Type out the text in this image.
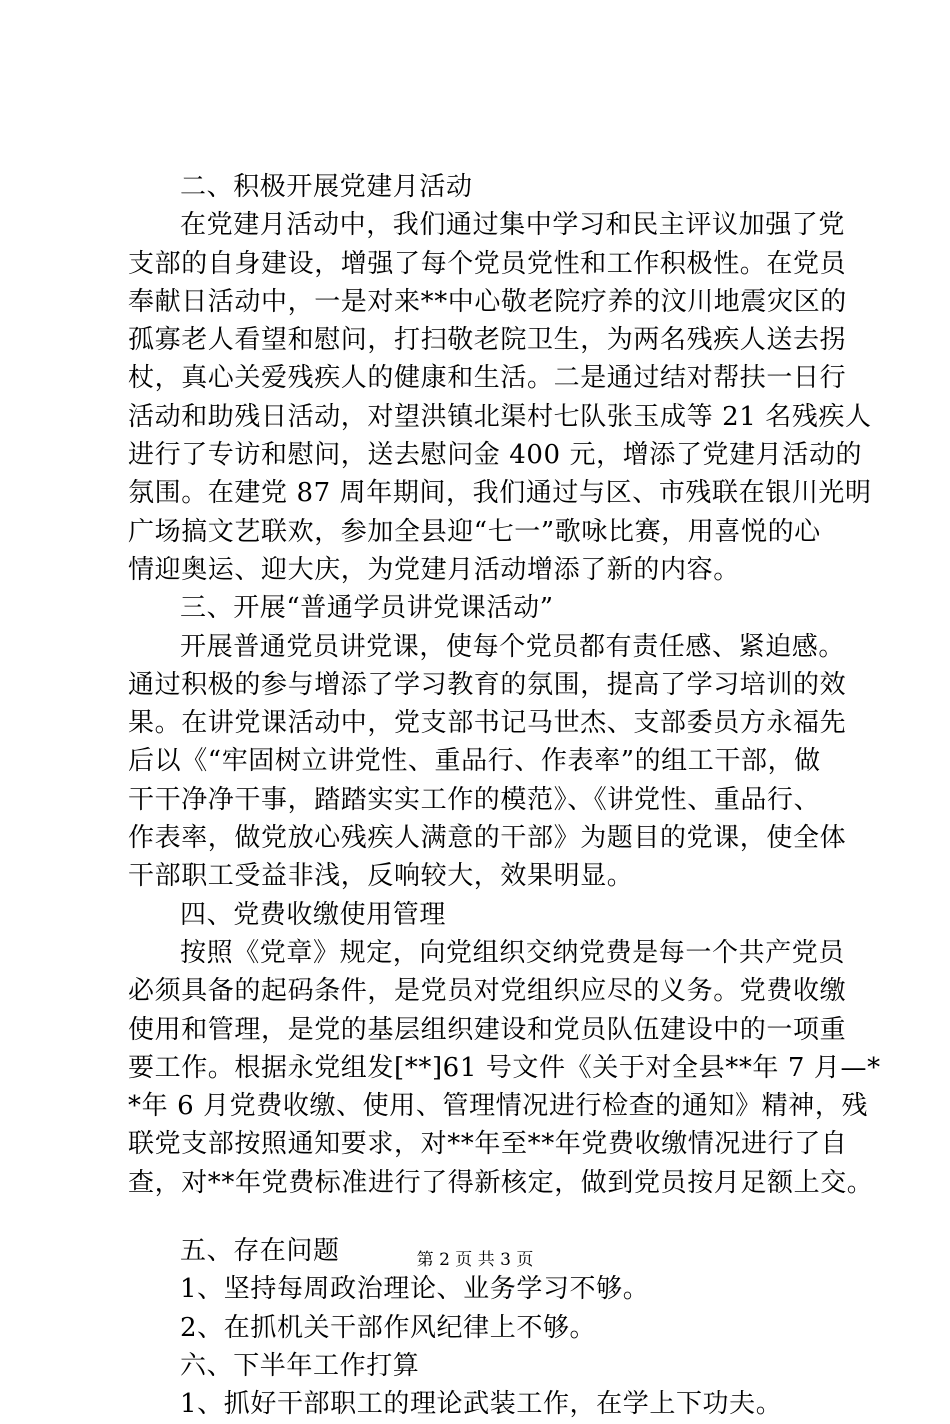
二、积极开展党建月活动
在党建月活动中，我们通过集中学习和民主评议加强了党
支部的自身建设，增强了每个党员党性和工作积极性。在党员
奉献日活动中，一是对来**中心敬老院疗养的汶川地震灾区的
孤寡老人看望和慰问，打扫敬老院卫生，为两名残疾人送去拐
杖，真心关爱残疾人的健康和生活。二是通过结对帮扶一日行
活动和助残日活动，对望洪镇北渠村七队张玉成等 21 名残疾人
进行了专访和慰问，送去慰问金 400 元，增添了党建月活动的
氛围。在建党 87 周年期间，我们通过与区、市残联在银川光明
广场搞文艺联欢，参加全县迎“七一”歌咏比赛，用喜悦的心
情迎奥运、迎大庆，为党建月活动增添了新的内容。
三、开展“普通学员讲党课活动”
开展普通党员讲党课，使每个党员都有责任感、紧迫感。
通过积极的参与增添了学习教育的氛围，提高了学习培训的效
果。在讲党课活动中，党支部书记马世杰、支部委员方永福先
后以《“牢固树立讲党性、重品行、作表率”的组工干部，做
干干净净干事，踏踏实实工作的模范》、《讲党性、重品行、
作表率，做党放心残疾人满意的干部》为题目的党课，使全体
干部职工受益非浅，反响较大，效果明显。
四、党费收缴使用管理
按照《党章》规定，向党组织交纳党费是每一个共产党员
必须具备的起码条件，是党员对党组织应尽的义务。党费收缴
使用和管理，是党的基层组织建设和党员队伍建设中的一项重
要工作。根据永党组发[**]61 号文件《关于对全县**年 7 月—*
*年 6 月党费收缴、使用、管理情况进行检查的通知》精神，残
联党支部按照通知要求，对**年至**年党费收缴情况进行了自
查，对**年党费标准进行了得新核定，做到党员按月足额上交。
五、存在问题
1、坚持每周政治理论、业务学习不够。
2、在抓机关干部作风纪律上不够。
六、下半年工作打算
1、抓好干部职工的理论武装工作，在学上下功夫。
第 2 页 共 3 页
